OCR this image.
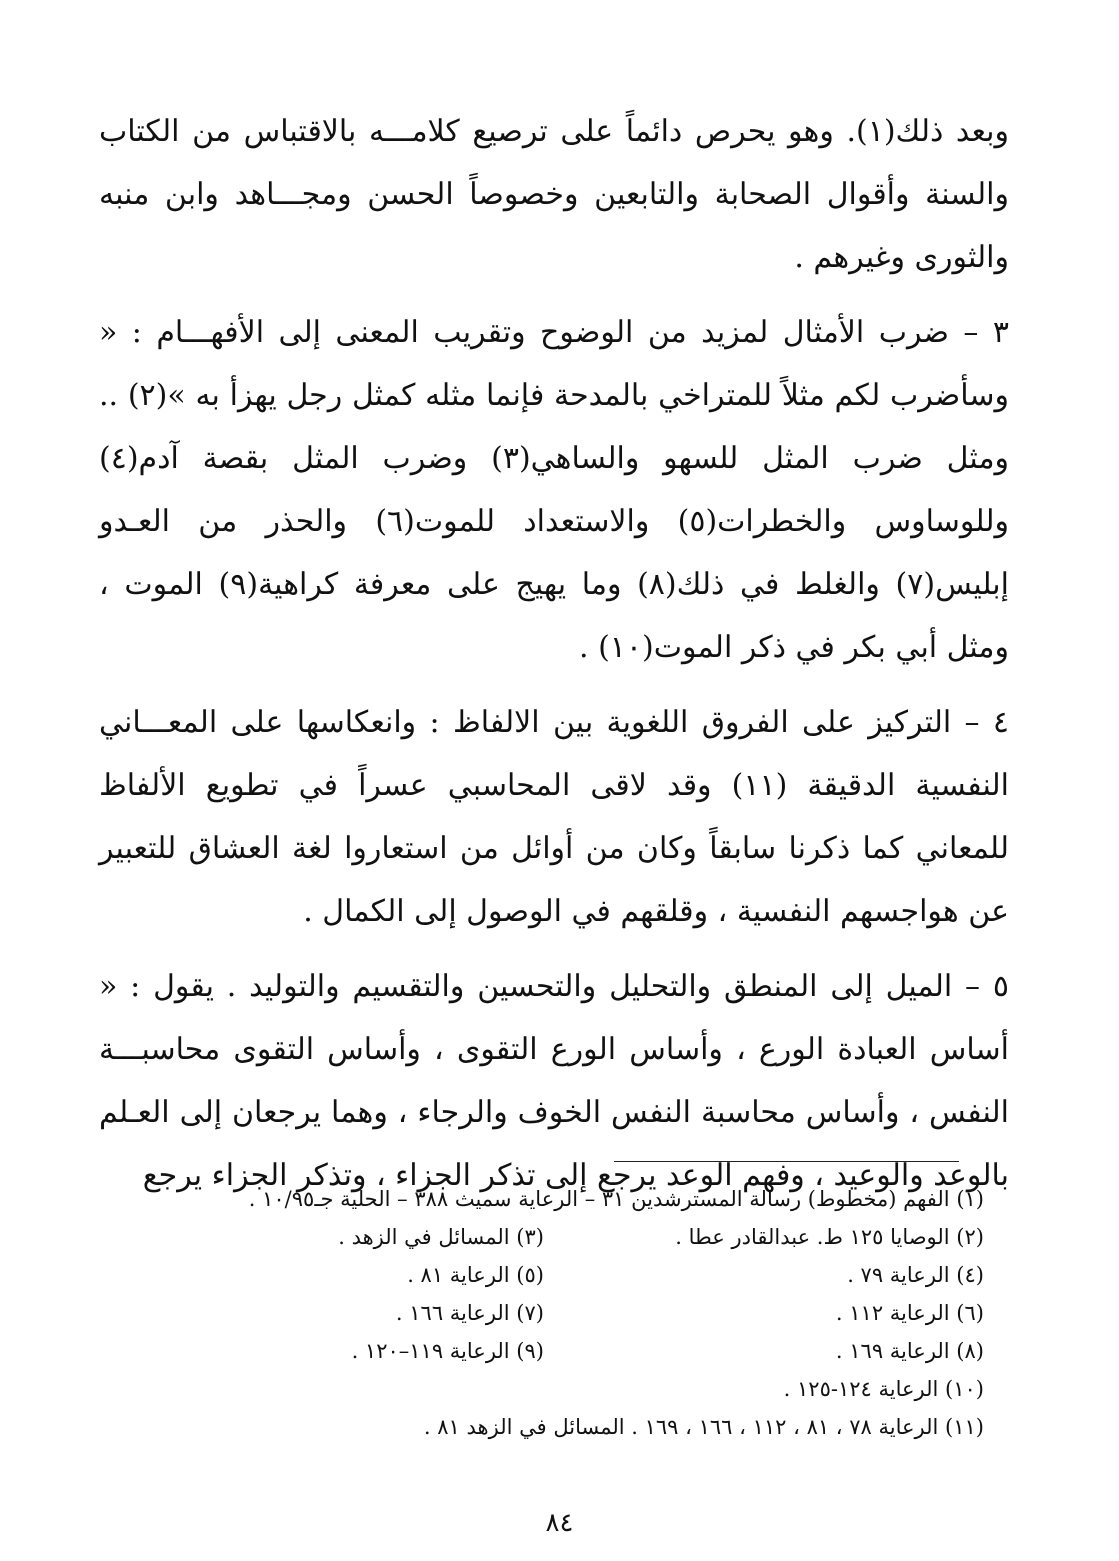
وبعد ذلك(١). وهو يحرص دائماً على ترصيع كلامـــه بالاقتباس من الكتاب والسنة وأقوال الصحابة والتابعين وخصوصاً الحسن ومجـــاهد وابن منبه والثورى وغيرهم .

٣ – ضرب الأمثال لمزيد من الوضوح وتقريب المعنى إلى الأفهـــام : « وسأضرب لكم مثلاً للمتراخي بالمدحة فإنما مثله كمثل رجل يهزأ به »(٢) .. ومثل ضرب المثل للسهو والساهي(٣) وضرب المثل بقصة آدم(٤) وللوساوس والخطرات(٥) والاستعداد للموت(٦) والحذر من العـدو إبليس(٧) والغلط في ذلك(٨) وما يهيج على معرفة كراهية(٩) الموت ، ومثل أبي بكر في ذكر الموت(١٠) .

٤ – التركيز على الفروق اللغوية بين الالفاظ : وانعكاسها على المعـــاني النفسية الدقيقة (١١) وقد لاقى المحاسبي عسراً في تطويع الألفاظ للمعاني كما ذكرنا سابقاً وكان من أوائل من استعاروا لغة العشاق للتعبير عن هواجسهم النفسية ، وقلقهم في الوصول إلى الكمال .

٥ – الميل إلى المنطق والتحليل والتحسين والتقسيم والتوليد . يقول : « أساس العبادة الورع ، وأساس الورع التقوى ، وأساس التقوى محاسبـــة النفس ، وأساس محاسبة النفس الخوف والرجاء ، وهما يرجعان إلى العـلم بالوعد والوعيد ، وفهم الوعد يرجع إلى تذكر الجزاء ، وتذكر الجزاء يرجع

(١) الفهم (مخطوط) رسالة المسترشدين ٣١ – الرعاية سميث ٣٨٨ – الحلية جـ١٠/٩٥ .
(٢) الوصايا ١٢٥ ط. عبدالقادر عطا .
(٣) المسائل في الزهد .
(٤) الرعاية ٧٩ .
(٥) الرعاية ٨١ .
(٦) الرعاية ١١٢ .
(٧) الرعاية ١٦٦ .
(٨) الرعاية ١٦٩ .
(٩) الرعاية ١١٩–١٢٠ .
(١٠) الرعاية ١٢٤-١٢٥ .
(١١) الرعاية ٧٨ ، ٨١ ، ١١٢ ، ١٦٦ ، ١٦٩ . المسائل في الزهد ٨١ .
٨٤
